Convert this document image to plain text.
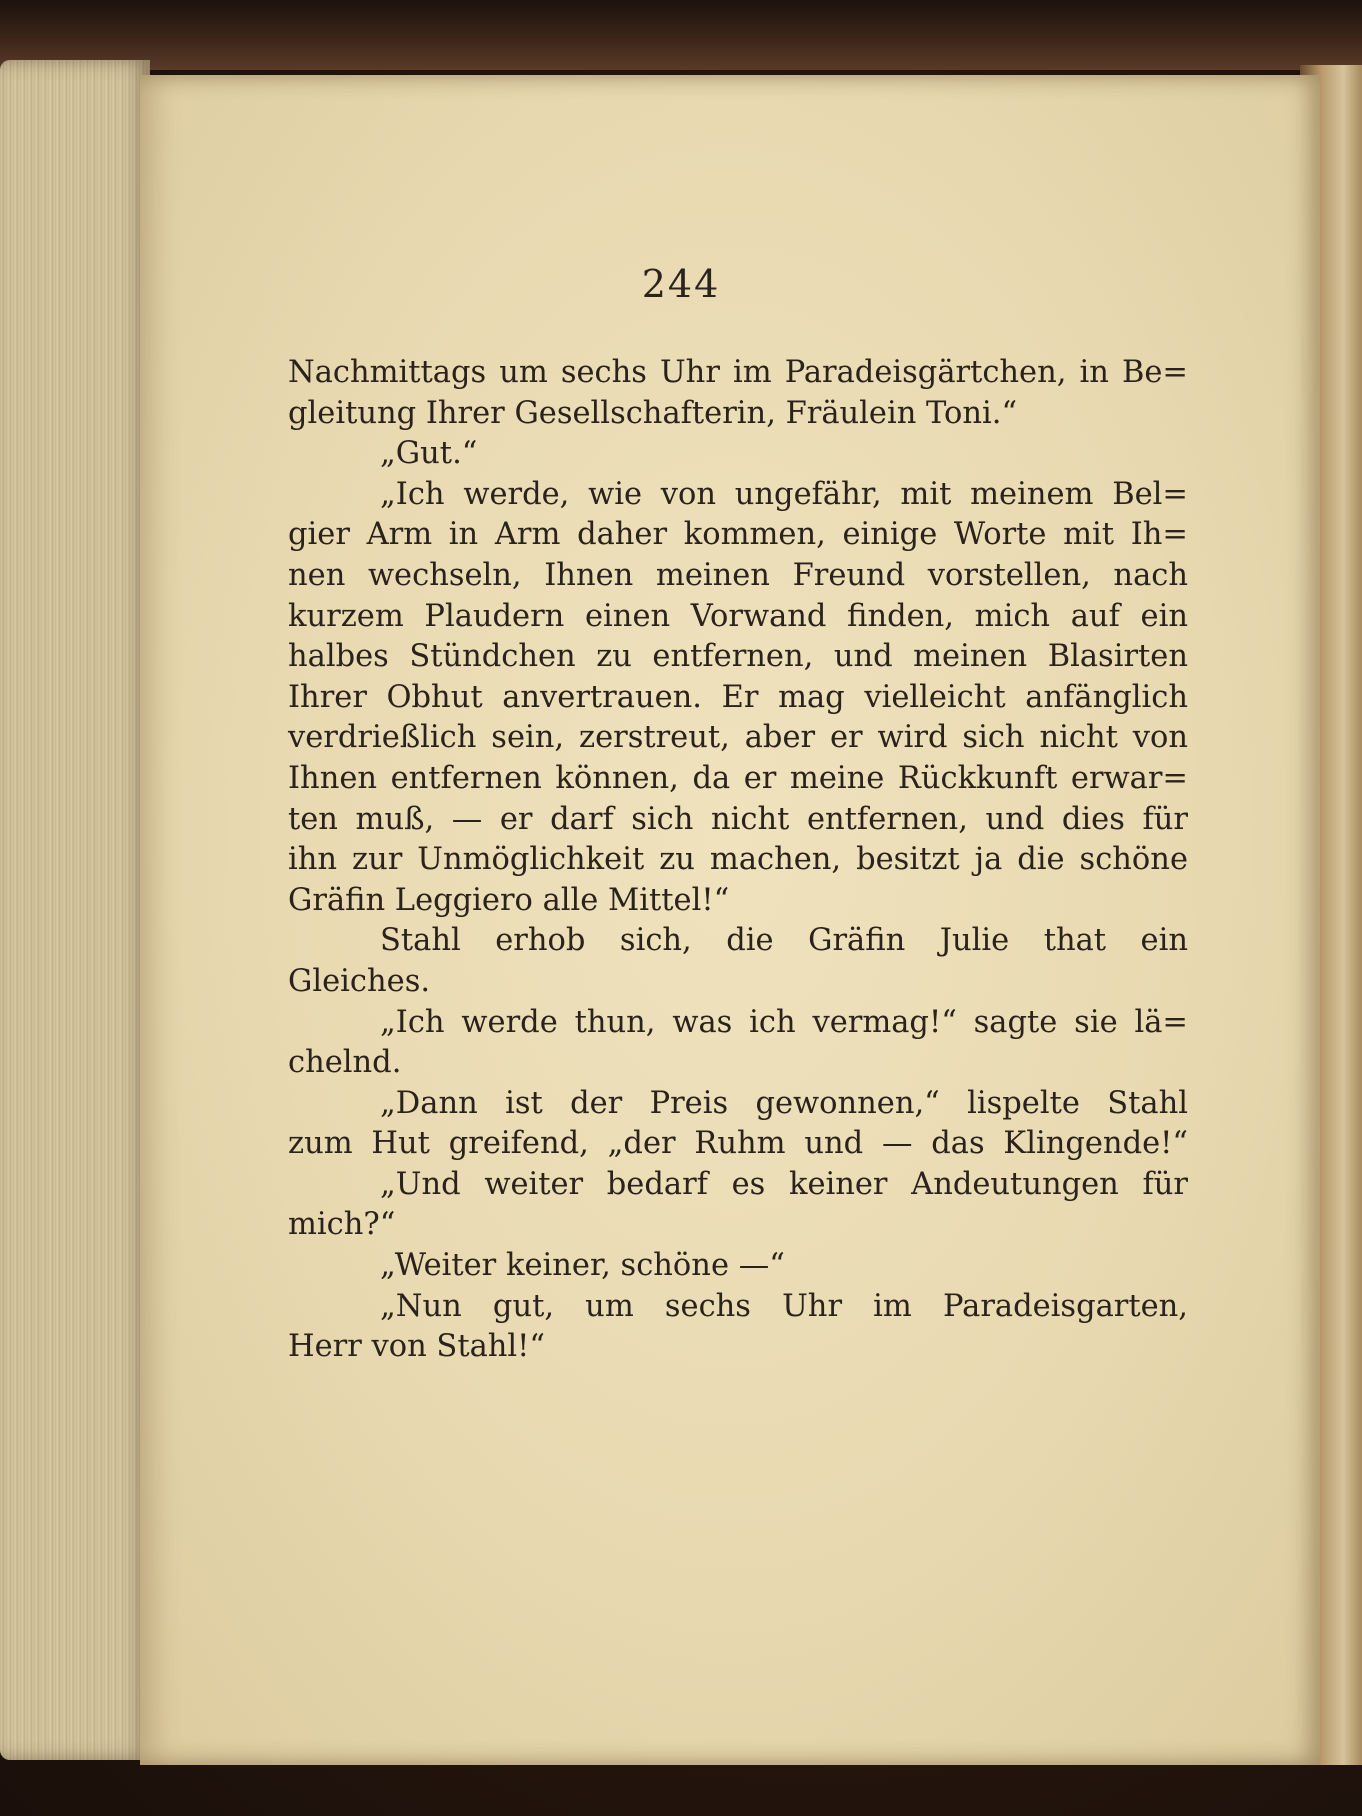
244
Nachmittags um sechs Uhr im Paradeisgärtchen, in Be=
gleitung Ihrer Gesellschafterin, Fräulein Toni.“
„Gut.“
„Ich werde, wie von ungefähr, mit meinem Bel=
gier Arm in Arm daher kommen, einige Worte mit Ih=
nen wechseln, Ihnen meinen Freund vorstellen, nach
kurzem Plaudern einen Vorwand finden, mich auf ein
halbes Stündchen zu entfernen, und meinen Blasirten
Ihrer Obhut anvertrauen. Er mag vielleicht anfänglich
verdrießlich sein, zerstreut, aber er wird sich nicht von
Ihnen entfernen können, da er meine Rückkunft erwar=
ten muß, — er darf sich nicht entfernen, und dies für
ihn zur Unmöglichkeit zu machen, besitzt ja die schöne
Gräfin Leggiero alle Mittel!“
Stahl erhob sich, die Gräfin Julie that ein
Gleiches.
„Ich werde thun, was ich vermag!“ sagte sie lä=
chelnd.
„Dann ist der Preis gewonnen,“ lispelte Stahl
zum Hut greifend, „der Ruhm und — das Klingende!“
„Und weiter bedarf es keiner Andeutungen für
mich?“
„Weiter keiner, schöne —“
„Nun gut, um sechs Uhr im Paradeisgarten,
Herr von Stahl!“
